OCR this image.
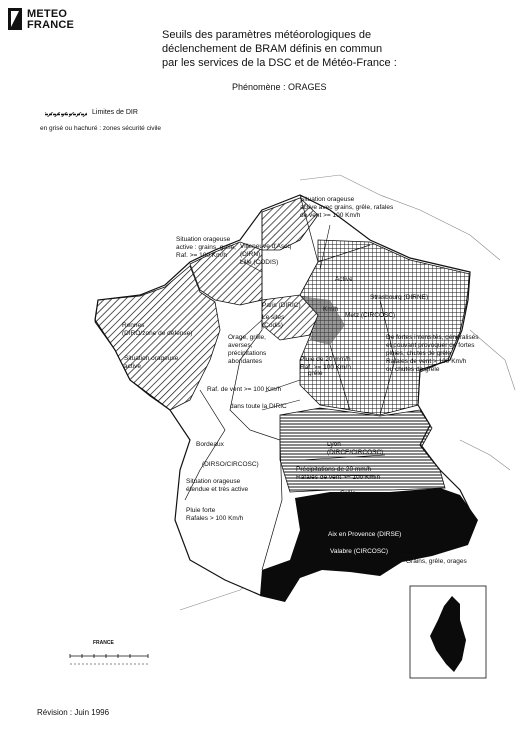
METEO
FRANCE
Seuils des paramètres météorologiques de
déclenchement de BRAM définis en commun
par les services de la DSC et de Météo-France :
Phénomène : ORAGES
Limites de DIR
en grisé ou hachuré : zones sécurité civile
Situation orageuse
active avec grains, grêle, rafales
de vent >= 100 Km/h
Villeneuve d'Ascq
(DIRN)
Lille (CODIS)
Situation orageuse
active : grains, grêle,
Raf. >= 100 Km/h
Rennes
(DIRO/zone de défense)
Situation orageuse
active
Paris (DIRIC)
Le sites
(Codis)
Active
Strasbourg (DIRNE)
Km/h
Metz (CIRCOSC)
grêle
Orage, grêle,
averses,
précipitations
abondantes	Pluie de 20 mm/h
Raf. >= 100 Km/h
Raf. de vent >= 100 Km/h
dans toute la DIRIC
De fortes intensités, généralisés
et pouvant provoquer de fortes
pluies, chutes de grêle.
Rafales de vent > 100 Km/h
ou chutes de grêle
Lyon
(DIRCE/CIRCOSC)
Précipitations de 20 mm/h
Rafales de vent >= 100 Km/h
Grêle
Bordeaux
(DIRSO/CIRCOSC)
Situation orageuse
étendue et très active
Pluie forte
Rafales > 100 Km/h
Aix en Provence (DIRSE)
Valabre (CIRCOSC)
Grains, grêle, orages
FRANCE
Révision : Juin 1996
